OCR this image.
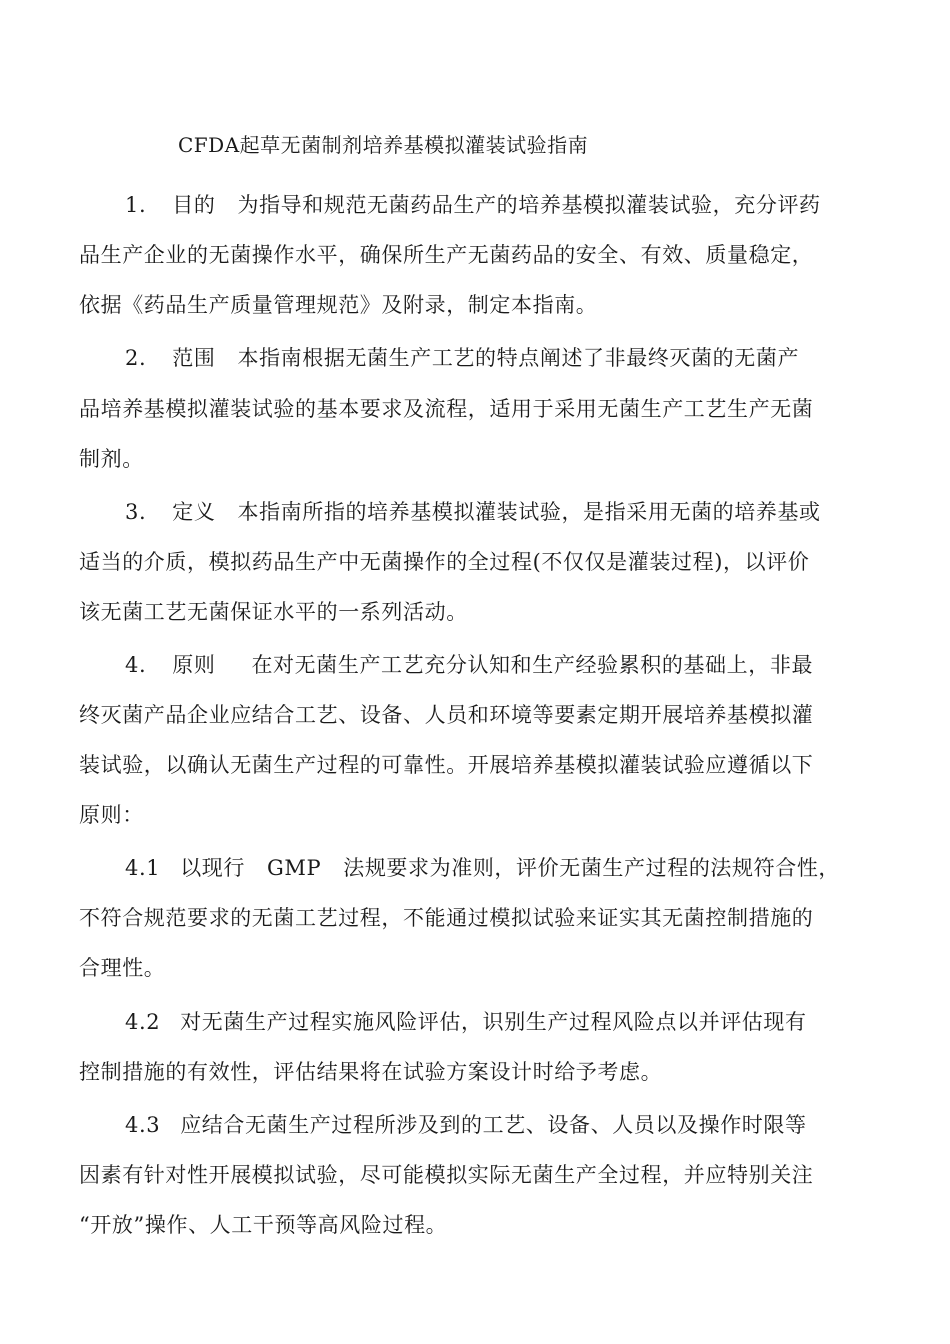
CFDA起草无菌制剂培养基模拟灌装试验指南
1. 目的 为指导和规范无菌药品生产的培养基模拟灌装试验，充分评药
品生产企业的无菌操作水平，确保所生产无菌药品的安全、有效、质量稳定，
依据《药品生产质量管理规范》及附录，制定本指南。
2. 范围 本指南根据无菌生产工艺的特点阐述了非最终灭菌的无菌产
品培养基模拟灌装试验的基本要求及流程，适用于采用无菌生产工艺生产无菌
制剂。
3. 定义 本指南所指的培养基模拟灌装试验，是指采用无菌的培养基或
适当的介质，模拟药品生产中无菌操作的全过程(不仅仅是灌装过程)，以评价
该无菌工艺无菌保证水平的一系列活动。
4. 原则 在对无菌生产工艺充分认知和生产经验累积的基础上，非最
终灭菌产品企业应结合工艺、设备、人员和环境等要素定期开展培养基模拟灌
装试验，以确认无菌生产过程的可靠性。开展培养基模拟灌装试验应遵循以下
原则：
4.1 以现行 GMP 法规要求为准则，评价无菌生产过程的法规符合性，
不符合规范要求的无菌工艺过程，不能通过模拟试验来证实其无菌控制措施的
合理性。
4.2 对无菌生产过程实施风险评估，识别生产过程风险点以并评估现有
控制措施的有效性，评估结果将在试验方案设计时给予考虑。
4.3 应结合无菌生产过程所涉及到的工艺、设备、人员以及操作时限等
因素有针对性开展模拟试验，尽可能模拟实际无菌生产全过程，并应特别关注
“开放”操作、人工干预等高风险过程。
